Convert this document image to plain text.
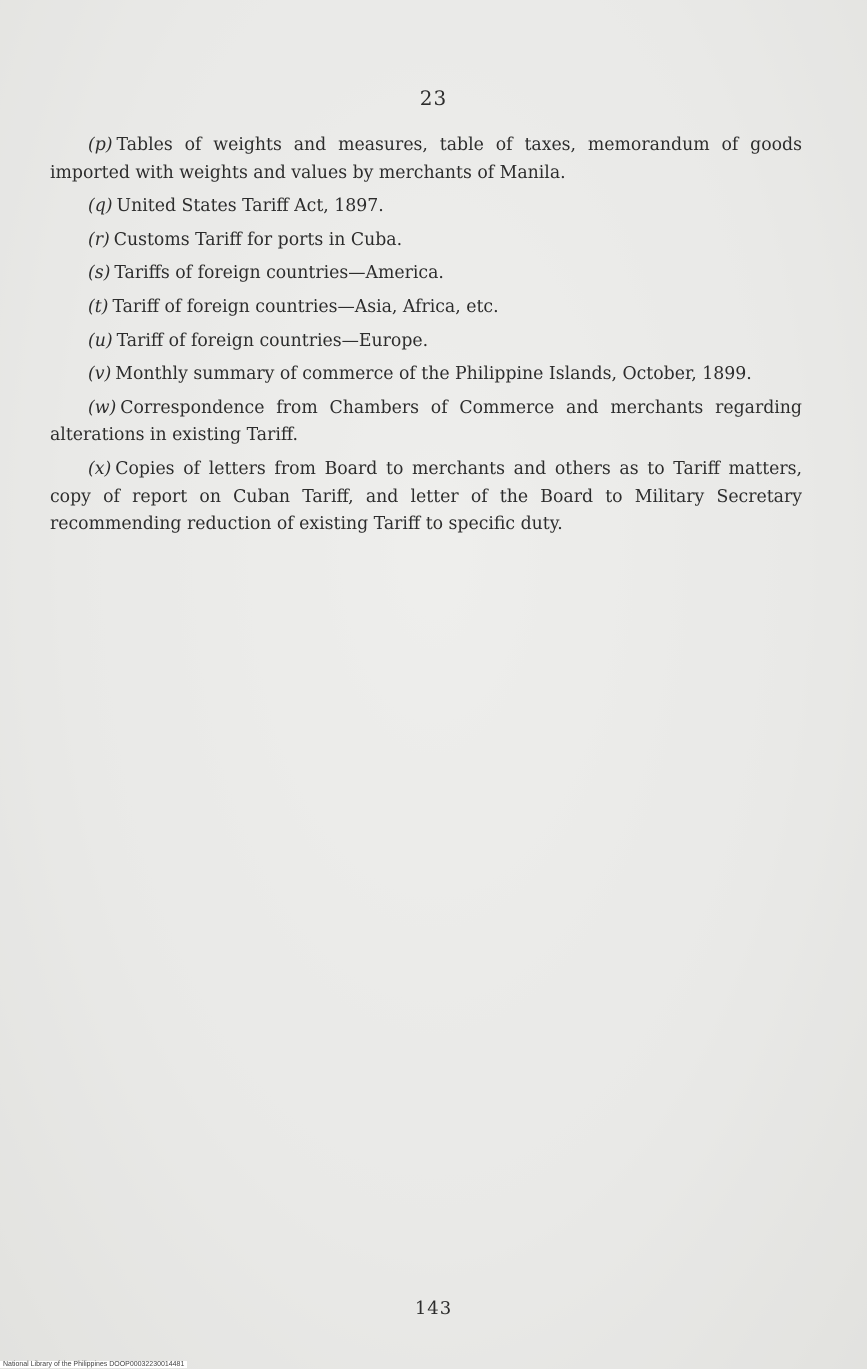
23

(p) Tables of weights and measures, table of taxes, memorandum of goods imported with weights and values by merchants of Manila.

(q) United States Tariff Act, 1897.

(r) Customs Tariff for ports in Cuba.

(s) Tariffs of foreign countries—America.

(t) Tariff of foreign countries—Asia, Africa, etc.

(u) Tariff of foreign countries—Europe.

(v) Monthly summary of commerce of the Philippine Islands, October, 1899.

(w) Correspondence from Chambers of Commerce and merchants regarding alterations in existing Tariff.

(x) Copies of letters from Board to merchants and others as to Tariff matters, copy of report on Cuban Tariff, and letter of the Board to Military Secretary recommending reduction of existing Tariff to specific duty.

143
National Library of the Philippines DOOP00032230014481
